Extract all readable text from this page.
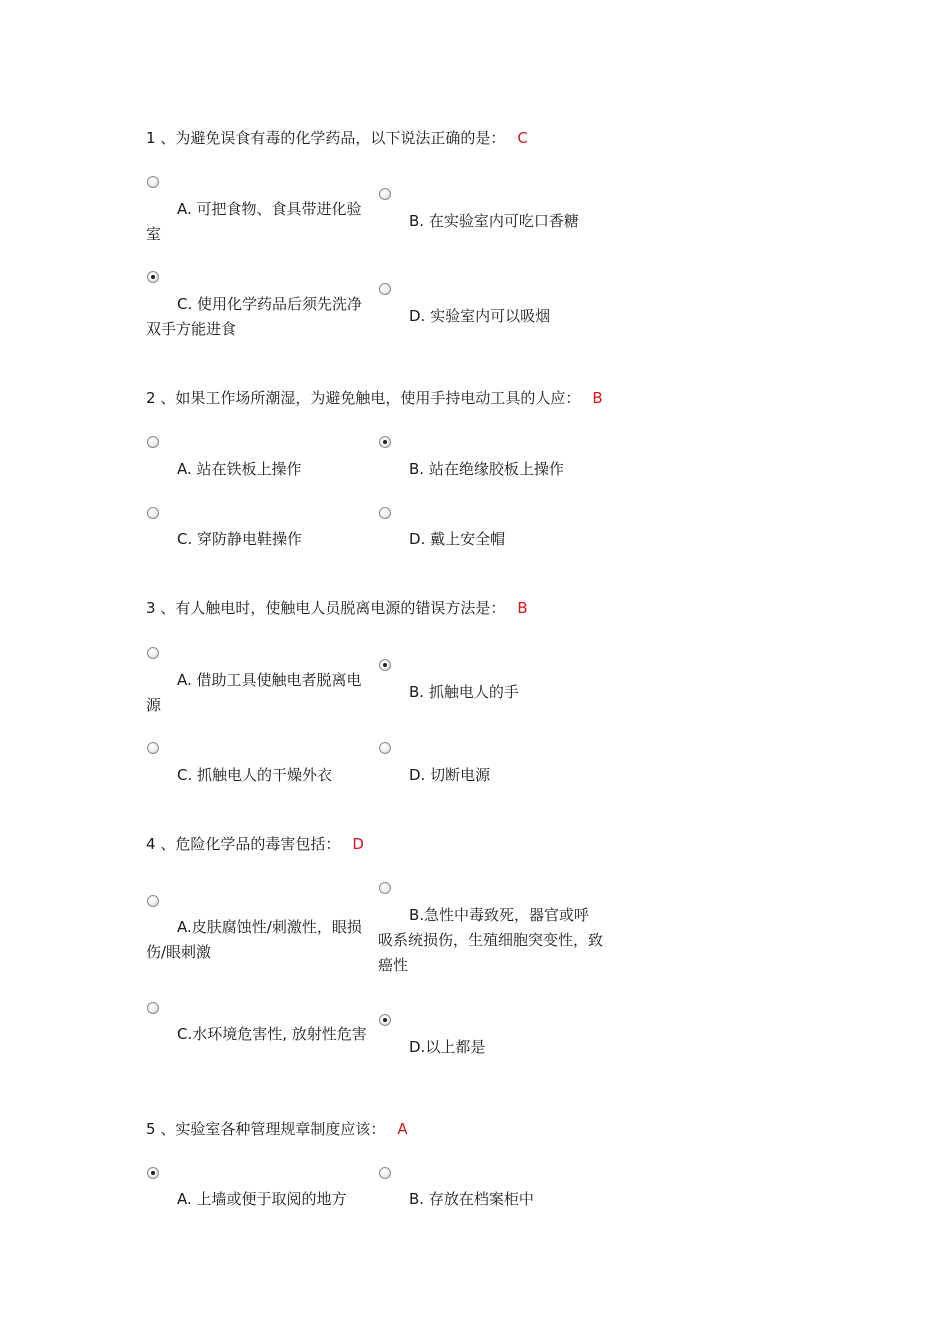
1 、为避免误食有毒的化学药品，以下说法正确的是： C
A. 可把食物、食具带进化验室
B. 在实验室内可吃口香糖
C. 使用化学药品后须先洗净双手方能进食
D. 实验室内可以吸烟
2 、如果工作场所潮湿，为避免触电，使用手持电动工具的人应： B
A. 站在铁板上操作	B. 站在绝缘胶板上操作
C. 穿防静电鞋操作	D. 戴上安全帽
3 、有人触电时，使触电人员脱离电源的错误方法是： B
A. 借助工具使触电者脱离电源
B. 抓触电人的手
C. 抓触电人的干燥外衣	D. 切断电源
4 、危险化学品的毒害包括： D
A.皮肤腐蚀性/刺激性，眼损伤/眼刺激
B.急性中毒致死，器官或呼吸系统损伤，生殖细胞突变性，致癌性
C.水环境危害性, 放射性危害
D.以上都是
5 、实验室各种管理规章制度应该： A
A. 上墙或便于取阅的地方	B. 存放在档案柜中
